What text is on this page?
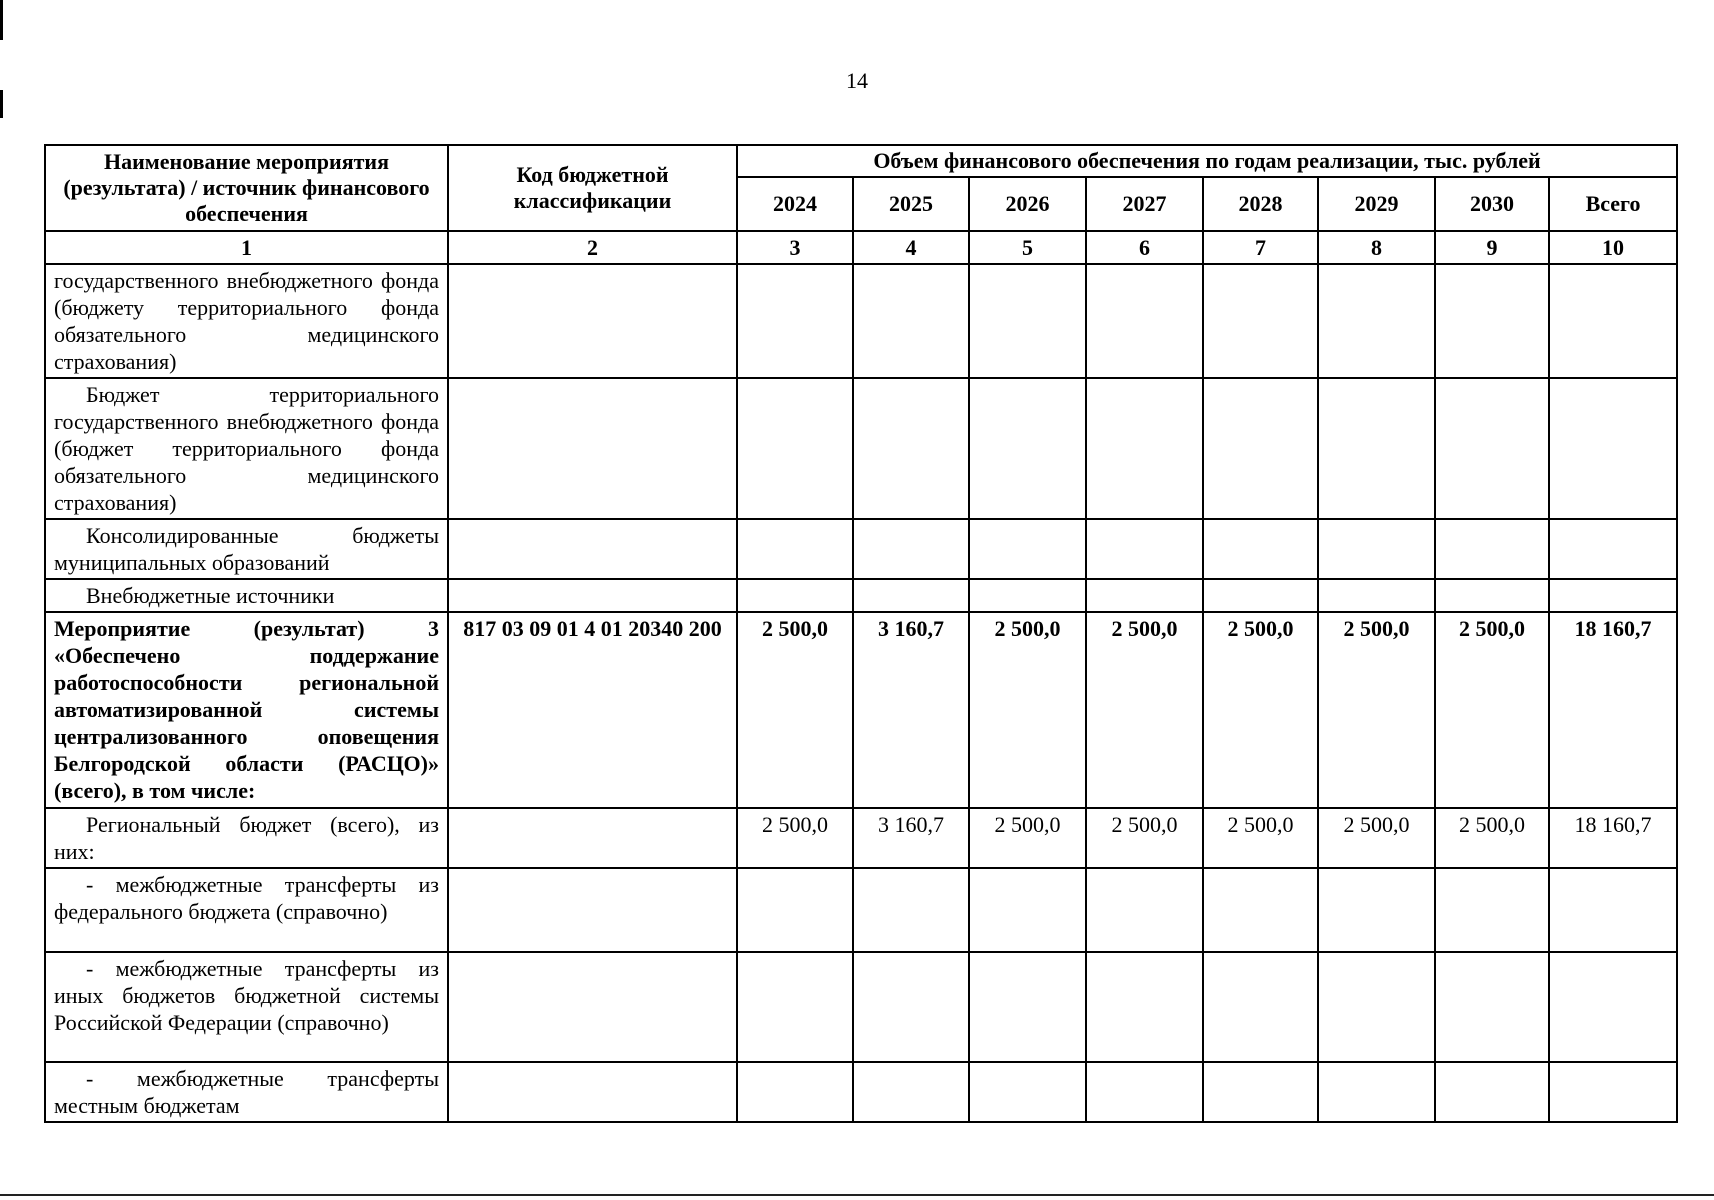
14
Наименование мероприятия (результата) / источник финансового обеспечения	Код бюджетной классификации	Объем финансового обеспечения по годам реализации, тыс. рублей							
		2024	2025	2026	2027	2028	2029	2030	Всего
1	2	3	4	5	6	7	8	9	10
государственного внебюджетного фонда (бюджету территориального фонда обязательного медицинского страхования)									
Бюджет территориального государственного внебюджетного фонда (бюджет территориального фонда обязательного медицинского страхования)									
Консолидированные бюджеты муниципальных образований									
Внебюджетные источники									
Мероприятие (результат) 3 «Обеспечено поддержание работоспособности региональной автоматизированной системы централизованного оповещения Белгородской области (РАСЦО)» (всего), в том числе:	817 03 09 01 4 01 20340 200	2 500,0	3 160,7	2 500,0	2 500,0	2 500,0	2 500,0	2 500,0	18 160,7
Региональный бюджет (всего), из них:		2 500,0	3 160,7	2 500,0	2 500,0	2 500,0	2 500,0	2 500,0	18 160,7
- межбюджетные трансферты из федерального бюджета (справочно)									
- межбюджетные трансферты из иных бюджетов бюджетной системы Российской Федерации (справочно)									
- межбюджетные трансферты местным бюджетам									
